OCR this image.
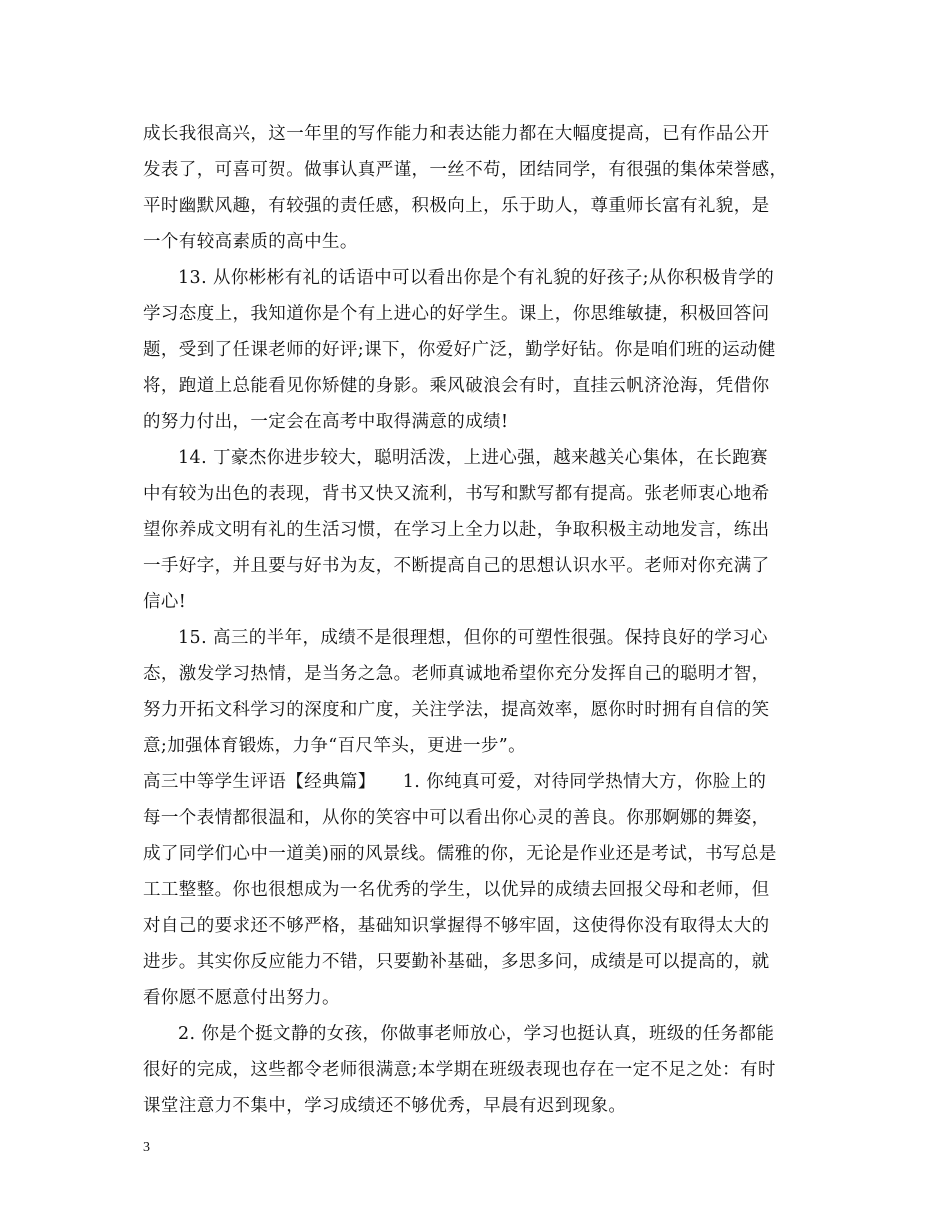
成长我很高兴，这一年里的写作能力和表达能力都在大幅度提高，已有作品公开
发表了，可喜可贺。做事认真严谨，一丝不苟，团结同学，有很强的集体荣誉感，
平时幽默风趣，有较强的责任感，积极向上，乐于助人，尊重师长富有礼貌，是
一个有较高素质的高中生。
13. 从你彬彬有礼的话语中可以看出你是个有礼貌的好孩子;从你积极肯学的
学习态度上，我知道你是个有上进心的好学生。课上，你思维敏捷，积极回答问
题，受到了任课老师的好评;课下，你爱好广泛，勤学好钻。你是咱们班的运动健
将，跑道上总能看见你矫健的身影。乘风破浪会有时，直挂云帆济沧海，凭借你
的努力付出，一定会在高考中取得满意的成绩!
14. 丁豪杰你进步较大，聪明活泼，上进心强，越来越关心集体，在长跑赛
中有较为出色的表现，背书又快又流利，书写和默写都有提高。张老师衷心地希
望你养成文明有礼的生活习惯，在学习上全力以赴，争取积极主动地发言，练出
一手好字，并且要与好书为友，不断提高自己的思想认识水平。老师对你充满了
信心!
15. 高三的半年，成绩不是很理想，但你的可塑性很强。保持良好的学习心
态，激发学习热情，是当务之急。老师真诚地希望你充分发挥自己的聪明才智，
努力开拓文科学习的深度和广度，关注学法，提高效率，愿你时时拥有自信的笑
意;加强体育锻炼，力争“百尺竿头，更进一步”。
高三中等学生评语【经典篇】　　1. 你纯真可爱，对待同学热情大方，你脸上的
每一个表情都很温和，从你的笑容中可以看出你心灵的善良。你那婀娜的舞姿，
成了同学们心中一道美)丽的风景线。儒雅的你，无论是作业还是考试，书写总是
工工整整。你也很想成为一名优秀的学生，以优异的成绩去回报父母和老师，但
对自己的要求还不够严格，基础知识掌握得不够牢固，这使得你没有取得太大的
进步。其实你反应能力不错，只要勤补基础，多思多问，成绩是可以提高的，就
看你愿不愿意付出努力。
2. 你是个挺文静的女孩，你做事老师放心，学习也挺认真，班级的任务都能
很好的完成，这些都令老师很满意;本学期在班级表现也存在一定不足之处：有时
课堂注意力不集中，学习成绩还不够优秀，早晨有迟到现象。
3
